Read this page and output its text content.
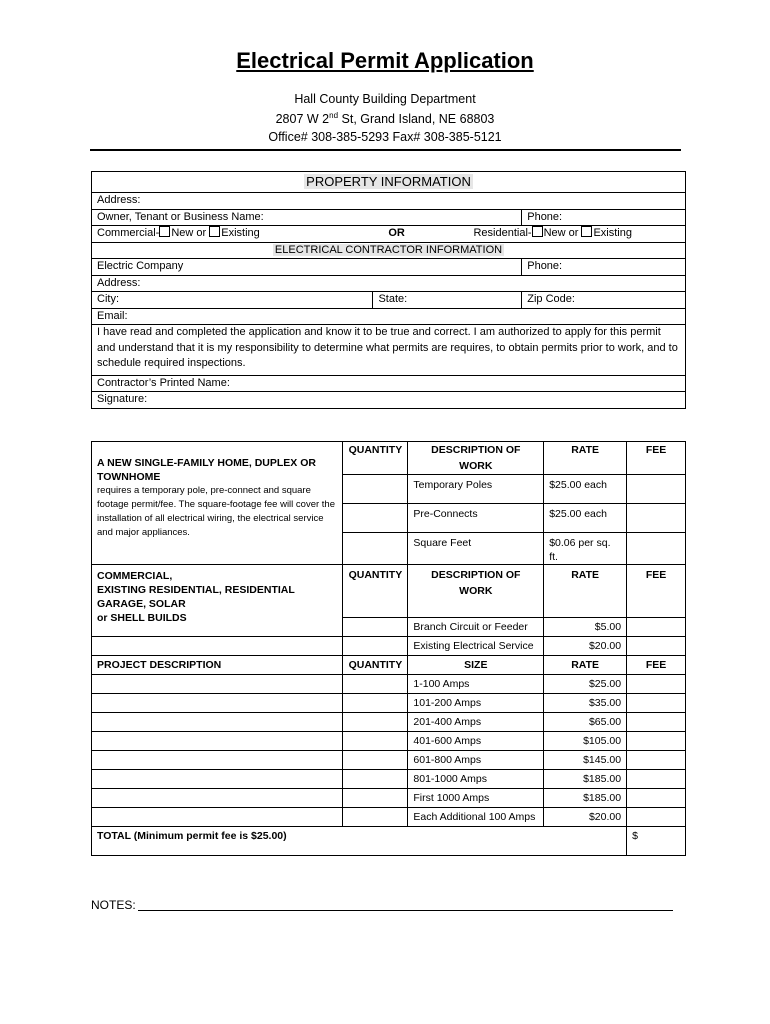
Electrical Permit Application
Hall County Building Department
2807 W 2nd St, Grand Island, NE 68803
Office# 308-385-5293 Fax# 308-385-5121
PROPERTY INFORMATION		
Address:		
Owner, Tenant or Business Name:		Phone:

Commercial- New or Existing OR Residential- New or Existing		

ELECTRICAL CONTRACTOR INFORMATION		
Electric Company		Phone:
Address:		
City:	State:	Zip Code:
Email:		
I have read and completed the application and know it to be true and correct. I am authorized to apply for this permit and understand that it is my responsibility to determine what permits are requires, to obtain permits prior to work, and to schedule required inspections.		
Contractor’s Printed Name:		
Signature:		
A NEW SINGLE-FAMILY HOME, DUPLEX OR TOWNHOME
requires a temporary pole, pre-connect and square footage permit/fee. The square-footage fee will cover the installation of all electrical wiring, the electrical service and major appliances.	QUANTITY	DESCRIPTION OF WORK	RATE	FEE
		Temporary Poles	$25.00 each	
		Pre-Connects	$25.00 each	
		Square Feet	$0.06 per sq. ft.	
COMMERCIAL,
EXISTING RESIDENTIAL, RESIDENTIAL GARAGE, SOLAR
or SHELL BUILDS	QUANTITY	DESCRIPTION OF WORK	RATE	FEE
		Branch Circuit or Feeder	$5.00	
		Existing Electrical Service	$20.00	
PROJECT DESCRIPTION	QUANTITY	SIZE	RATE	FEE
		1-100 Amps	$25.00	
		101-200 Amps	$35.00	
		201-400 Amps	$65.00	
		401-600 Amps	$105.00	
		601-800 Amps	$145.00	
		801-1000 Amps	$185.00	
		First 1000 Amps	$185.00	
		Each Additional 100 Amps	$20.00	
TOTAL (Minimum permit fee is $25.00)				$
NOTES:
